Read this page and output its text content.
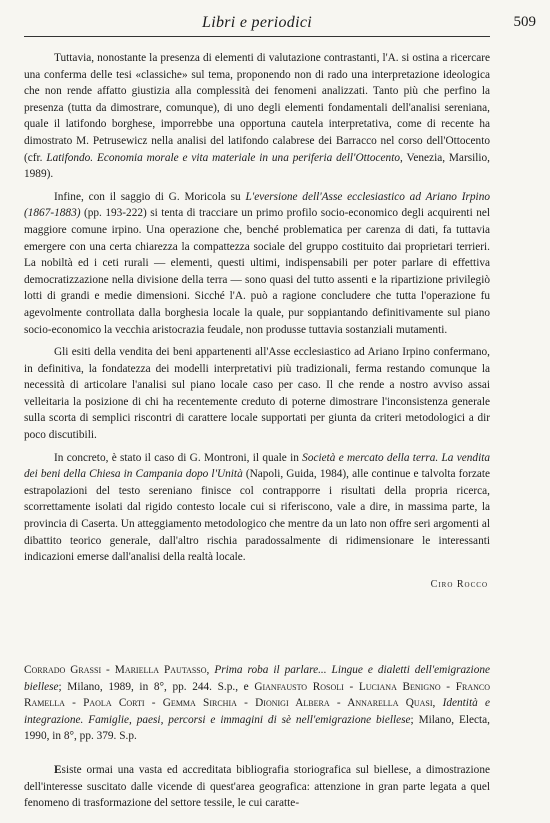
Libri e periodici	509

Tuttavia, nonostante la presenza di elementi di valutazione contrastanti, l'A. si ostina a ricercare una conferma delle tesi «classiche» sul tema, proponendo non di rado una interpretazione ideologica che non rende affatto giustizia alla complessità dei fenomeni analizzati. Tanto più che perfino la presenza (tutta da dimostrare, comunque), di uno degli elementi fondamentali dell'analisi sereniana, quale il latifondo borghese, imporrebbe una opportuna cautela interpretativa, come di recente ha dimostrato M. Petrusewicz nella analisi del latifondo calabrese dei Barracco nel corso dell'Ottocento (cfr. Latifondo. Economia morale e vita materiale in una periferia dell'Ottocento, Venezia, Marsilio, 1989).

Infine, con il saggio di G. Moricola su L'eversione dell'Asse ecclesiastico ad Ariano Irpino (1867-1883) (pp. 193-222) si tenta di tracciare un primo profilo socio-economico degli acquirenti nel maggiore comune irpino. Una operazione che, benché problematica per carenza di dati, fa tuttavia emergere con una certa chiarezza la compattezza sociale del gruppo costituito dai proprietari terrieri. La nobiltà ed i ceti rurali — elementi, questi ultimi, indispensabili per poter parlare di effettiva democratizzazione nella divisione della terra — sono quasi del tutto assenti e la ripartizione privilegiò lotti di grandi e medie dimensioni. Sicché l'A. può a ragione concludere che tutta l'operazione fu agevolmente controllata dalla borghesia locale la quale, pur soppiantando definitivamente sul piano socio-economico la vecchia aristocrazia feudale, non produsse tuttavia sostanziali mutamenti.

Gli esiti della vendita dei beni appartenenti all'Asse ecclesiastico ad Ariano Irpino confermano, in definitiva, la fondatezza dei modelli interpretativi più tradizionali, ferma restando comunque la necessità di articolare l'analisi sul piano locale caso per caso. Il che rende a nostro avviso assai velleitaria la posizione di chi ha recentemente creduto di poterne dimostrare l'inconsistenza generale sulla scorta di semplici riscontri di carattere locale supportati per giunta da criteri metodologici a dir poco discutibili.

In concreto, è stato il caso di G. Montroni, il quale in Società e mercato della terra. La vendita dei beni della Chiesa in Campania dopo l'Unità (Napoli, Guida, 1984), alle continue e talvolta forzate estrapolazioni del testo sereniano finisce col contrapporre i risultati della propria ricerca, scorrettamente isolati dal rigido contesto locale cui si riferiscono, vale a dire, in massima parte, la provincia di Caserta. Un atteggiamento metodologico che mentre da un lato non offre seri argomenti al dibattito teorico generale, dall'altro rischia paradossalmente di ridimensionare le interessanti indicazioni emerse dall'analisi della realtà locale.

Ciro Rocco

Corrado Grassi - Mariella Pautasso, Prima roba il parlare... Lingue e dialetti dell'emigrazione biellese; Milano, 1989, in 8°, pp. 244. S.p., e Gianfausto Rosoli - Luciana Benigno - Franco Ramella - Paola Corti - Gemma Sirchia - Dionigi Albera - Annarella Quasi, Identità e integrazione. Famiglie, paesi, percorsi e immagini di sè nell'emigrazione biellese; Milano, Electa, 1990, in 8°, pp. 379. S.p.

Esiste ormai una vasta ed accreditata bibliografia storiografica sul biellese, a dimostrazione dell'interesse suscitato dalle vicende di quest'area geografica: attenzione in gran parte legata a quel fenomeno di trasformazione del settore tessile, le cui caratte-
